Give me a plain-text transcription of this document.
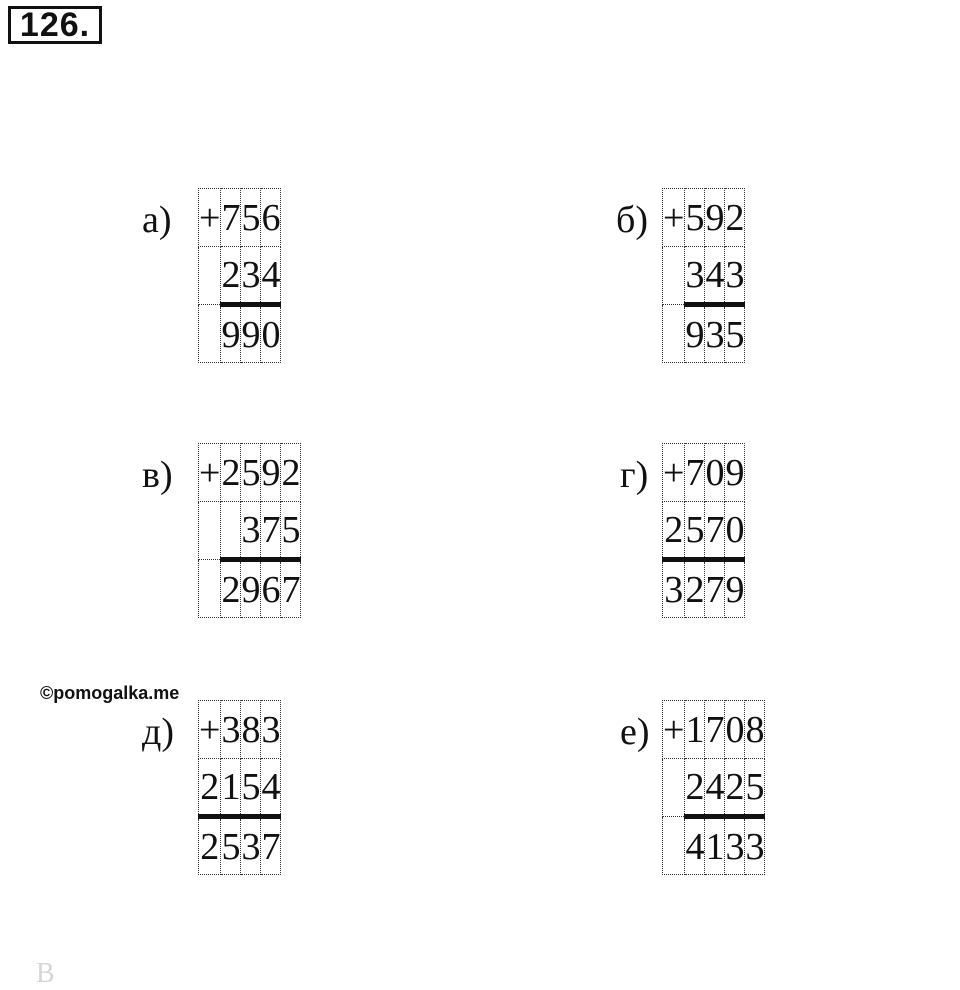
126.
а) +	7	5	6
	2	3	4
	9	9	0
б) +	5	9	2
	3	4	3
	9	3	5
в) +	2	5	9	2
		3	7	5
	2	9	6	7
г) +	7	0	9
2	5	7	0
3	2	7	9
д) +	3	8	3
2	1	5	4
2	5	3	7
е) +	1	7	0	8
	2	4	2	5
	4	1	3	3
©pomogalka.me
В
